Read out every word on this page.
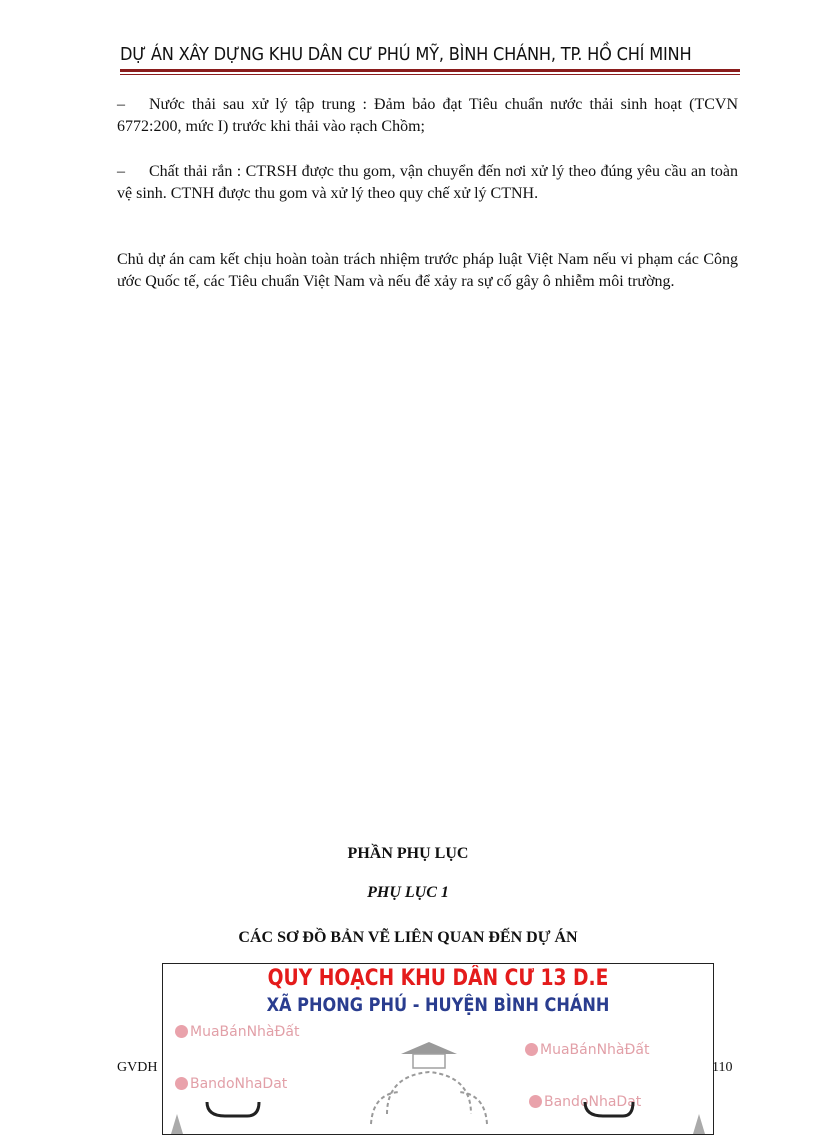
DỰ ÁN XÂY DỰNG KHU DÂN CƯ PHÚ MỸ, BÌNH CHÁNH, TP. HỒ CHÍ MINH

– Nước thải sau xử lý tập trung : Đảm bảo đạt Tiêu chuẩn nước thải sinh hoạt (TCVN 6772:200, mức I) trước khi thải vào rạch Chồm;

– Chất thải rắn : CTRSH được thu gom, vận chuyển đến nơi xử lý theo đúng yêu cầu an toàn vệ sinh. CTNH được thu gom và xử lý theo quy chế xử lý CTNH.

Chủ dự án cam kết chịu hoàn toàn trách nhiệm trước pháp luật Việt Nam nếu vi phạm các Công ước Quốc tế, các Tiêu chuẩn Việt Nam và nếu để xảy ra sự cố gây ô nhiễm môi trường.

PHẦN PHỤ LỤC
PHỤ LỤC 1
CÁC SƠ ĐỒ BẢN VẼ LIÊN QUAN ĐẾN DỰ ÁN
QUY HOẠCH KHU DÂN CƯ 13 D.E
XÃ PHONG PHÚ - HUYỆN BÌNH CHÁNH
MuaBánNhàĐất
MuaBánNhàĐất
BandoNhaDat
BandoNhaDat
GVDH	110
